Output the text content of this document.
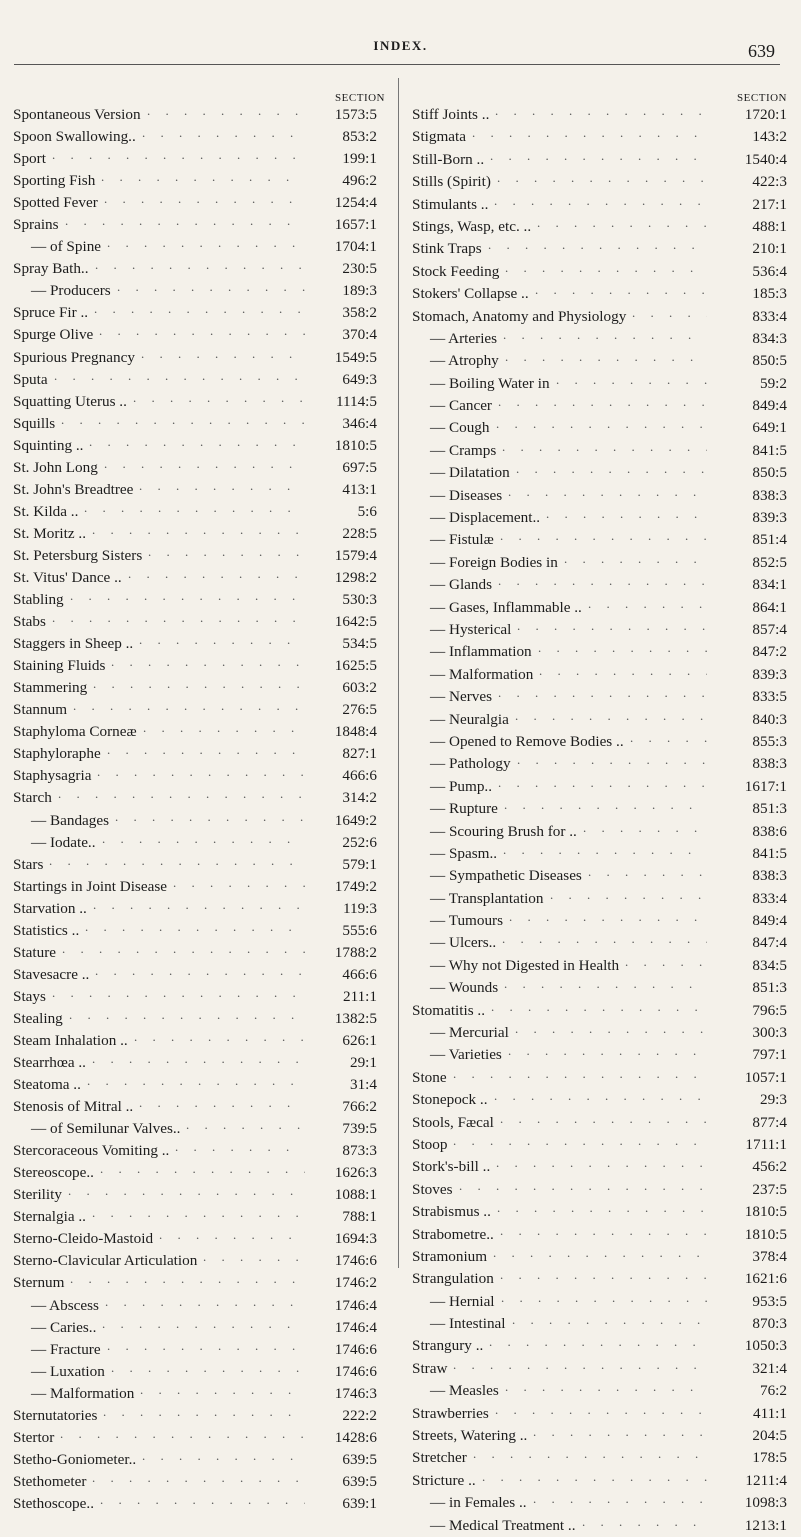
INDEX.	639
SECTION
Spontaneous Version . . .	1573:5
Spoon Swallowing.. . . .	853:2
Sport . . .	199:1
Sporting Fish . . .	496:2
Spotted Fever . . .	1254:4
Sprains . . .	1657:1
— of Spine . . .	1704:1
Spray Bath.. . . .	230:5
— Producers . . .	189:3
Spruce Fir .. . . .	358:2
Spurge Olive . . .	370:4
Spurious Pregnancy . . .	1549:5
Sputa . . .	649:3
Squatting Uterus .. . . .	1114:5
Squills . . .	346:4
Squinting .. . . .	1810:5
St. John Long . . .	697:5
St. John's Breadtree . . .	413:1
St. Kilda .. . . .	5:6
St. Moritz .. . . .	228:5
St. Petersburg Sisters . . .	1579:4
St. Vitus' Dance .. . . .	1298:2
Stabling . . .	530:3
Stabs . . .	1642:5
Staggers in Sheep .. . . .	534:5
Staining Fluids . . .	1625:5
Stammering . . .	603:2
Stannum . . .	276:5
Staphyloma Corneæ . . .	1848:4
Staphyloraphe . . .	827:1
Staphysagria . . .	466:6
Starch . . .	314:2
— Bandages . . .	1649:2
— Iodate.. . . .	252:6
Stars . . .	579:1
Startings in Joint Disease . . .	1749:2
Starvation .. . . .	119:3
Statistics .. . . .	555:6
Stature . . .	1788:2
Stavesacre .. . . .	466:6
Stays . . .	211:1
Stealing . . .	1382:5
Steam Inhalation .. . . .	626:1
Stearrhœa .. . . .	29:1
Steatoma .. . . .	31:4
Stenosis of Mitral .. . . .	766:2
— of Semilunar Valves.. . . .	739:5
Stercoraceous Vomiting .. . . .	873:3
Stereoscope.. . . .	1626:3
Sterility . . .	1088:1
Sternalgia .. . . .	788:1
Sterno-Cleido-Mastoid . . .	1694:3
Sterno-Clavicular Articulation . . .	1746:6
Sternum . . .	1746:2
— Abscess . . .	1746:4
— Caries.. . . .	1746:4
— Fracture . . .	1746:6
— Luxation . . .	1746:6
— Malformation . . .	1746:3
Sternutatories . . .	222:2
Stertor . . .	1428:6
Stetho-Goniometer.. . . .	639:5
Stethometer . . .	639:5
Stethoscope.. . . .	639:1
SECTION
Stiff Joints .. . . .	1720:1
Stigmata . . .	143:2
Still-Born .. . . .	1540:4
Stills (Spirit) . . .	422:3
Stimulants .. . . .	217:1
Stings, Wasp, etc. .. . . .	488:1
Stink Traps . . .	210:1
Stock Feeding . . .	536:4
Stokers' Collapse .. . . .	185:3
Stomach, Anatomy and Physiology . . .	833:4
— Arteries . . .	834:3
— Atrophy . . .	850:5
— Boiling Water in . . .	59:2
— Cancer . . .	849:4
— Cough . . .	649:1
— Cramps . . .	841:5
— Dilatation . . .	850:5
— Diseases . . .	838:3
— Displacement.. . . .	839:3
— Fistulæ . . .	851:4
— Foreign Bodies in . . .	852:5
— Glands . . .	834:1
— Gases, Inflammable .. . . .	864:1
— Hysterical . . .	857:4
— Inflammation . . .	847:2
— Malformation . . .	839:3
— Nerves . . .	833:5
— Neuralgia . . .	840:3
— Opened to Remove Bodies .. . . .	855:3
— Pathology . . .	838:3
— Pump.. . . .	1617:1
— Rupture . . .	851:3
— Scouring Brush for .. . . .	838:6
— Spasm.. . . .	841:5
— Sympathetic Diseases . . .	838:3
— Transplantation . . .	833:4
— Tumours . . .	849:4
— Ulcers.. . . .	847:4
— Why not Digested in Health . . .	834:5
— Wounds . . .	851:3
Stomatitis .. . . .	796:5
— Mercurial . . .	300:3
— Varieties . . .	797:1
Stone . . .	1057:1
Stonepock .. . . .	29:3
Stools, Fæcal . . .	877:4
Stoop . . .	1711:1
Stork's-bill .. . . .	456:2
Stoves . . .	237:5
Strabismus .. . . .	1810:5
Strabometre.. . . .	1810:5
Stramonium . . .	378:4
Strangulation . . .	1621:6
— Hernial . . .	953:5
— Intestinal . . .	870:3
Strangury .. . . .	1050:3
Straw . . .	321:4
— Measles . . .	76:2
Strawberries . . .	411:1
Streets, Watering .. . . .	204:5
Stretcher . . .	178:5
Stricture .. . . .	1211:4
— in Females .. . . .	1098:3
— Medical Treatment .. . . .	1213:1
